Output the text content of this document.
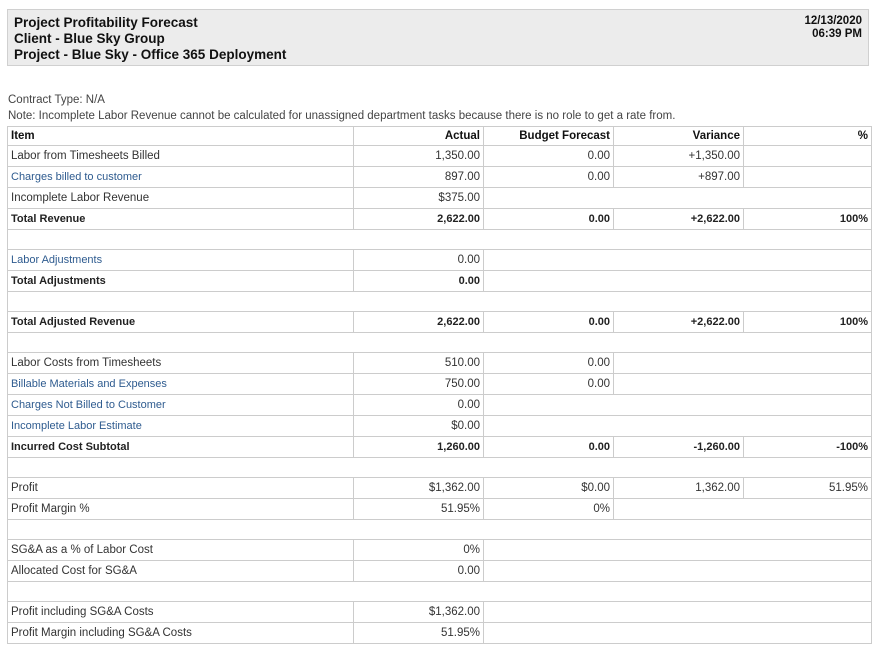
Project Profitability Forecast
Client - Blue Sky Group
Project - Blue Sky - Office 365 Deployment
12/13/2020
06:39 PM
Contract Type: N/A
Note: Incomplete Labor Revenue cannot be calculated for unassigned department tasks because there is no role to get a rate from.
Item	Actual	Budget Forecast	Variance	%
Labor from Timesheets Billed	1,350.00	0.00	+1,350.00	
Charges billed to customer	897.00	0.00	+897.00	
Incomplete Labor Revenue	$375.00			
Total Revenue	2,622.00	0.00	+2,622.00	100%

Labor Adjustments	0.00			
Total Adjustments	0.00			

Total Adjusted Revenue	2,622.00	0.00	+2,622.00	100%

Labor Costs from Timesheets	510.00	0.00		
Billable Materials and Expenses	750.00	0.00		
Charges Not Billed to Customer	0.00			
Incomplete Labor Estimate	$0.00			
Incurred Cost Subtotal	1,260.00	0.00	-1,260.00	-100%

Profit	$1,362.00	$0.00	1,362.00	51.95%
Profit Margin %	51.95%	0%		

SG&A as a % of Labor Cost	0%			
Allocated Cost for SG&A	0.00			

Profit including SG&A Costs	$1,362.00			
Profit Margin including SG&A Costs	51.95%			
